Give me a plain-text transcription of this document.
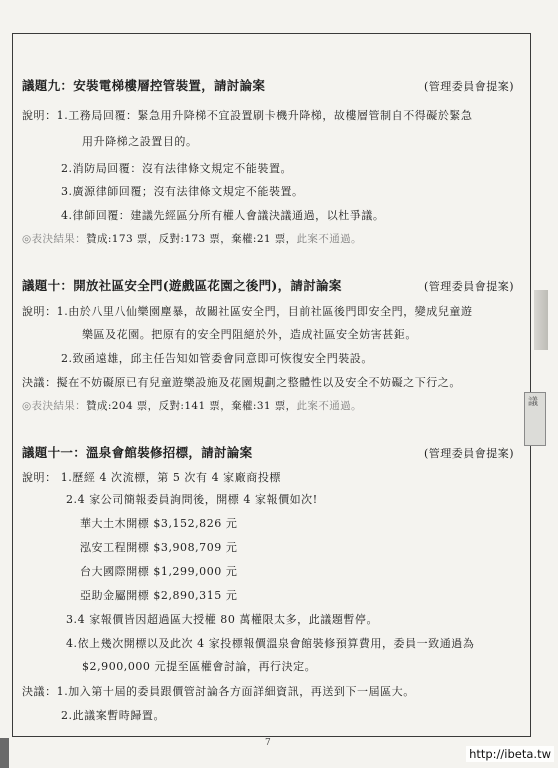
議
議題九：安裝電梯樓層控管裝置，請討論案	(管理委員會提案)
說明：1.工務局回覆：緊急用升降梯不宜設置刷卡機升降梯，故樓層管制自不得礙於緊急
用升降梯之設置目的。
2.消防局回覆：沒有法律條文規定不能裝置。
3.廣源律師回覆；沒有法律條文規定不能裝置。
4.律師回覆：建議先經區分所有權人會議決議通過，以杜爭議。
◎表決結果：贊成:173 票，反對:173 票，棄權:21 票，此案不通過。
議題十：開放社區安全門(遊戲區花園之後門)，請討論案	(管理委員會提案)
說明：1.由於八里八仙樂園塵暴，故關社區安全門，目前社區後門即安全門，變成兒童遊
樂區及花園。把原有的安全門阻絕於外，造成社區安全妨害甚鉅。
2.致函遠雄，邱主任告知如管委會同意即可恢復安全門裝設。
決議：擬在不妨礙原已有兒童遊樂設施及花園規劃之整體性以及安全不妨礙之下行之。
◎表決結果：贊成:204 票，反對:141 票，棄權:31 票，此案不通過。
議題十一：溫泉會館裝修招標，請討論案	(管理委員會提案)
說明： 1.歷經 4 次流標，第 5 次有 4 家廠商投標
2.4 家公司簡報委員詢問後，開標 4 家報價如次!
華大土木開標 $3,152,826 元
泓安工程開標 $3,908,709 元
台大國際開標 $1,299,000 元
亞助金屬開標 $2,890,315 元
3.4 家報價皆因超過區大授權 80 萬權限太多，此議題暫停。
4.依上幾次開標以及此次 4 家投標報價溫泉會館裝修預算費用，委員一致通過為
$2,900,000 元提至區權會討論，再行決定。
決議：1.加入第十屆的委員跟價管討論各方面詳細資訊，再送到下一屆區大。
2.此議案暫時歸置。
7
http://ibeta.tw
